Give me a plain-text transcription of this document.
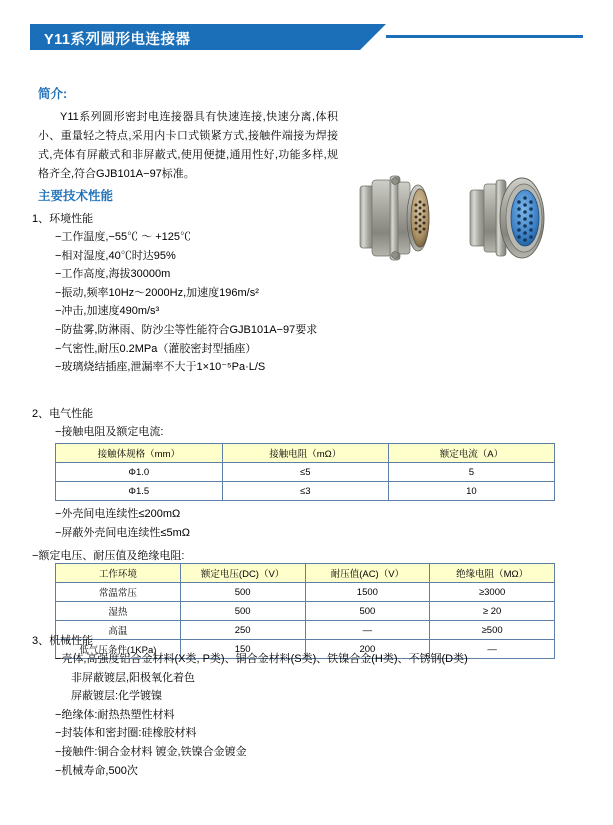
Y11系列圆形电连接器
简介:
Y11系列圆形密封电连接器具有快速连接,快速分离,体积小、重量轻之特点,采用内卡口式锁紧方式,接触件端接为焊接式,壳体有屏蔽式和非屏蔽式,使用便捷,通用性好,功能多样,规格齐全,符合GJB101A−97标准。
主要技术性能
1、环境性能
−工作温度,−55℃ ～ +125℃
−相对湿度,40℃时达95%
−工作高度,海拔30000m
−振动,频率10Hz～2000Hz,加速度196m/s²
−冲击,加速度490m/s³
−防盐雾,防淋雨、防沙尘等性能符合GJB101A−97要求
−气密性,耐压0.2MPa（灌胶密封型插座）
−玻璃烧结插座,泄漏率不大于1×10⁻⁵Pa·L/S
2、电气性能
−接触电阻及额定电流:
接触体规格（mm）	接触电阻（mΩ）	额定电流（A）
Φ1.0	≤5	5
Φ1.5	≤3	10
−外壳间电连续性≤200mΩ
−屏蔽外壳间电连续性≤5mΩ
−额定电压、耐压值及绝缘电阻:
工作环境	额定电压(DC)（V）	耐压值(AC)（V）	绝缘电阻（MΩ）
常温常压	500	1500	≥3000
湿热	500	500	≥ 20
高温	250	—	≥500
低气压条件(1KPa)	150	200	—
3、机械性能
−壳体,高强度铝合金材料(X类, P类)、铜合金材料(S类)、铁镍合金(H类)、不锈钢(D类)
非屏蔽镀层,阳极氧化着色
屏蔽镀层:化学镀镍
−绝缘体:耐热热塑性材料
−封装体和密封圈:硅橡胶材料
−接触件:铜合金材料 镀金,铁镍合金镀金
−机械寿命,500次
